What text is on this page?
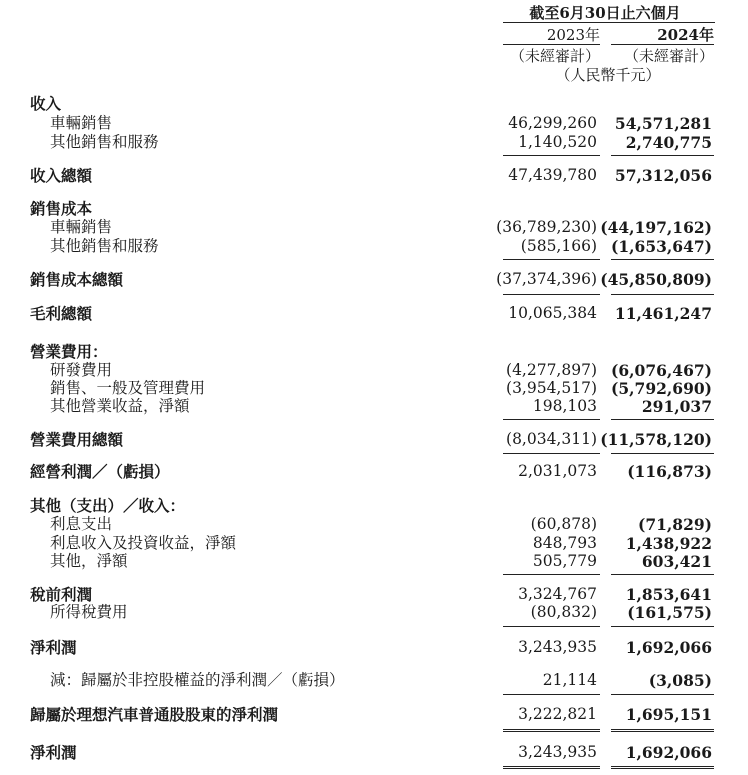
截至6月30日止六個月
2023年	2024年
（未經審計）	（未經審計）
（人民幣千元）
收入
車輛銷售	46,299,260 54,571,281
其他銷售和服務	1,140,520 2,740,775
收入總額	47,439,780 57,312,056
銷售成本
車輛銷售	(36,789,230) (44,197,162)
其他銷售和服務	(585,166) (1,653,647)
銷售成本總額	(37,374,396) (45,850,809)
毛利總額	10,065,384 11,461,247
營業費用：
研發費用	(4,277,897) (6,076,467)
銷售、一般及管理費用	(3,954,517) (5,792,690)
其他營業收益，淨額	198,103	291,037
營業費用總額	(8,034,311) (11,578,120)
經營利潤／（虧損）	2,031,073 (116,873)
其他（支出）／收入：
利息支出	(60,878)	(71,829)
利息收入及投資收益，淨額	848,793 1,438,922
其他，淨額	505,779	603,421
稅前利潤	3,324,767 1,853,641
所得稅費用	(80,832) (161,575)
淨利潤	3,243,935 1,692,066
減：歸屬於非控股權益的淨利潤／（虧損）	21,114	(3,085)
歸屬於理想汽車普通股股東的淨利潤	3,222,821 1,695,151
淨利潤	3,243,935 1,692,066
